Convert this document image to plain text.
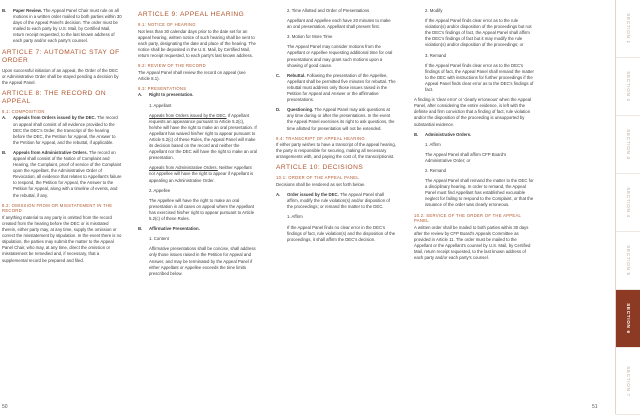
B. Paper Review. The Appeal Panel Chair must rule on all motions in a written order mailed to both parties within 30 days of the Appeal Panel's decision. The order must be mailed to each party by U.S. Mail, by Certified Mail, return receipt requested, to the last known address of each party and/or each party's counsel.

ARTICLE 7: AUTOMATIC STAY OF ORDER

Upon successful initiation of an appeal, the Order of the DEC or Administrative Order shall be stayed pending a decision by the Appeal Panel.

ARTICLE 8: THE RECORD ON APPEAL
8.1: COMPOSITION
A. Appeals from Orders issued by the DEC. The record on appeal shall consist of all evidence provided to the DEC the DEC's Order, the transcript of the hearing before the DEC, the Petition for Appeal, the Answer to the Petition for Appeal, and the rebuttal, if applicable.

B. Appeals from Administrative Orders. The record on appeal shall consist of the Notice of Complaint and Hearing, the Complaint, proof of service of the Complaint upon the Appellant, the Administrative Order of Revocation, all evidence that relates to Appellant's failure to respond, the Petition for Appeal, the Answer to the Petition for Appeal, along with a timeline of events, and the rebuttal, if any.

8.2: OMISSION FROM OR MISSTATEMENT IN THE RECORD

If anything material to any party is omitted from the record created from the hearing before the DEC or is misstated therein, either party may, at any time, supply the omission or correct the misstatement by stipulation. In the event there is no stipulation, the parties may submit the matter to the Appeal Panel Chair, who may, at any time, direct the omission or misstatement be remedied and, if necessary, that a supplemental record be prepared and filed.

ARTICLE 9: APPEAL HEARING
9.1: NOTICE OF HEARING

Not less than 30 calendar days prior to the date set for an appeal hearing, written notice of such hearing shall be sent to each party, designating the date and place of the hearing. The notice shall be deposited in the U.S. Mail, by Certified Mail, return receipt requested, to each party's last known address.

9.2: REVIEW OF THE RECORD

The Appeal Panel shall review the record on appeal (see Article 8.1).

9.3: PRESENTATIONS
A. Right to presentation.

1. Appellant

Appeals from Orders issued by the DEC. If Appellant requests an appearance pursuant to Article 5.2(c), he/she will have the right to make an oral presentation. If Appellant has waived his/her right to appear pursuant to Article 5.2(c) of these Rules, the Appeal Panel will make its decision based on the record and neither the Appellant nor the DEC will have the right to make an oral presentation.

Appeals from Administrative Orders. Neither Appellant nor Appellee will have the right to appear if Appellant is appealing an Administrative Order.

2. Appellee

The Appellee will have the right to make an oral presentation in all cases on appeal where the Appellant has exercised his/her right to appear pursuant to Article 5.2(c) of these Rules.

B. Affirmative Presentation.

1. Content

Affirmative presentations shall be concise, shall address only those issues raised in the Petition for Appeal and Answer, and may be terminated by the Appeal Panel if either Appellant or Appellee exceeds the time limits prescribed below.

2. Time Allotted and Order of Presentations

Appellant and Appellee each have 20 minutes to make an oral presentation. Appellant shall present first.

3. Motion for More Time

The Appeal Panel may consider motions from the Appellant or Appellee requesting additional time for oral presentations and may grant such motions upon a showing of good cause.

C. Rebuttal. Following the presentation of the Appellee, Appellant shall be permitted five minutes for rebuttal. The rebuttal must address only those issues raised in the Petition for Appeal and Answer or the affirmative presentations.

D. Questioning. The Appeal Panel may ask questions at any time during or after the presentations. In the event the Appeal Panel exercises its right to ask questions, the time allotted for presentation will not be extended.

9.4: TRANSCRIPT OF APPEAL HEARING

If either party wishes to have a transcript of the appeal hearing, the party is responsible for securing, making all necessary arrangements with, and paying the cost of, the transcriptionist.

ARTICLE 10: DECISIONS
10.1: ORDER OF THE APPEAL PANEL

Decisions shall be rendered as set forth below.

A. Order issued by the DEC. The Appeal Panel shall affirm, modify the rule violation(s) and/or disposition of the proceedings; or remand the matter to the DEC.

1. Affirm

If the Appeal Panel finds no clear error in the DEC's findings of fact, rule violation(s) and the disposition of the proceedings, it shall affirm the DEC's decision.

2. Modify

If the Appeal Panel finds clear error as to the rule violation(s) and/or disposition of the proceedings but not the DEC's findings of fact, the Appeal Panel shall affirm the DEC's findings of fact but it may modify the rule violation(s) and/or disposition of the proceedings; or

3. Remand

If the Appeal Panel finds clear error as to the DEC's findings of fact, the Appeal Panel shall remand the matter to the DEC with instructions for further proceedings if the Appeal Panel finds clear error as to the DEC's findings of fact.

A finding is 'clear error' or 'clearly erroneous' when the Appeal Panel, after considering the entire evidence, is left with the definite and firm conviction that a finding of fact, rule violation and/or the disposition of the proceeding is unsupported by substantial evidence.

B. Administrative Orders.

1. Affirm

The Appeal Panel shall affirm CFP Board's Administrative Order; or

2. Remand

The Appeal Panel shall remand the matter to the DEC for a disciplinary hearing. In order to remand, the Appeal Panel must find Appellant has established excusable neglect for failing to respond to the Complaint, or that the issuance of the order was clearly erroneous.

10.2: SERVICE OF THE ORDER OF THE APPEAL PANEL

A written order shall be mailed to both parties within 30 days after the review by CFP Board's Appeals Committee as provided in Article 11. The order must be mailed to the Appellant or the Appellant's counsel by U.S. Mail, by Certified Mail, return receipt requested, to the last known address of each party and/or each party's counsel.

50	51
SECTION 1
SECTION 2
SECTION 3
SECTION 4
SECTION 5
SECTION 6
SECTION 7
